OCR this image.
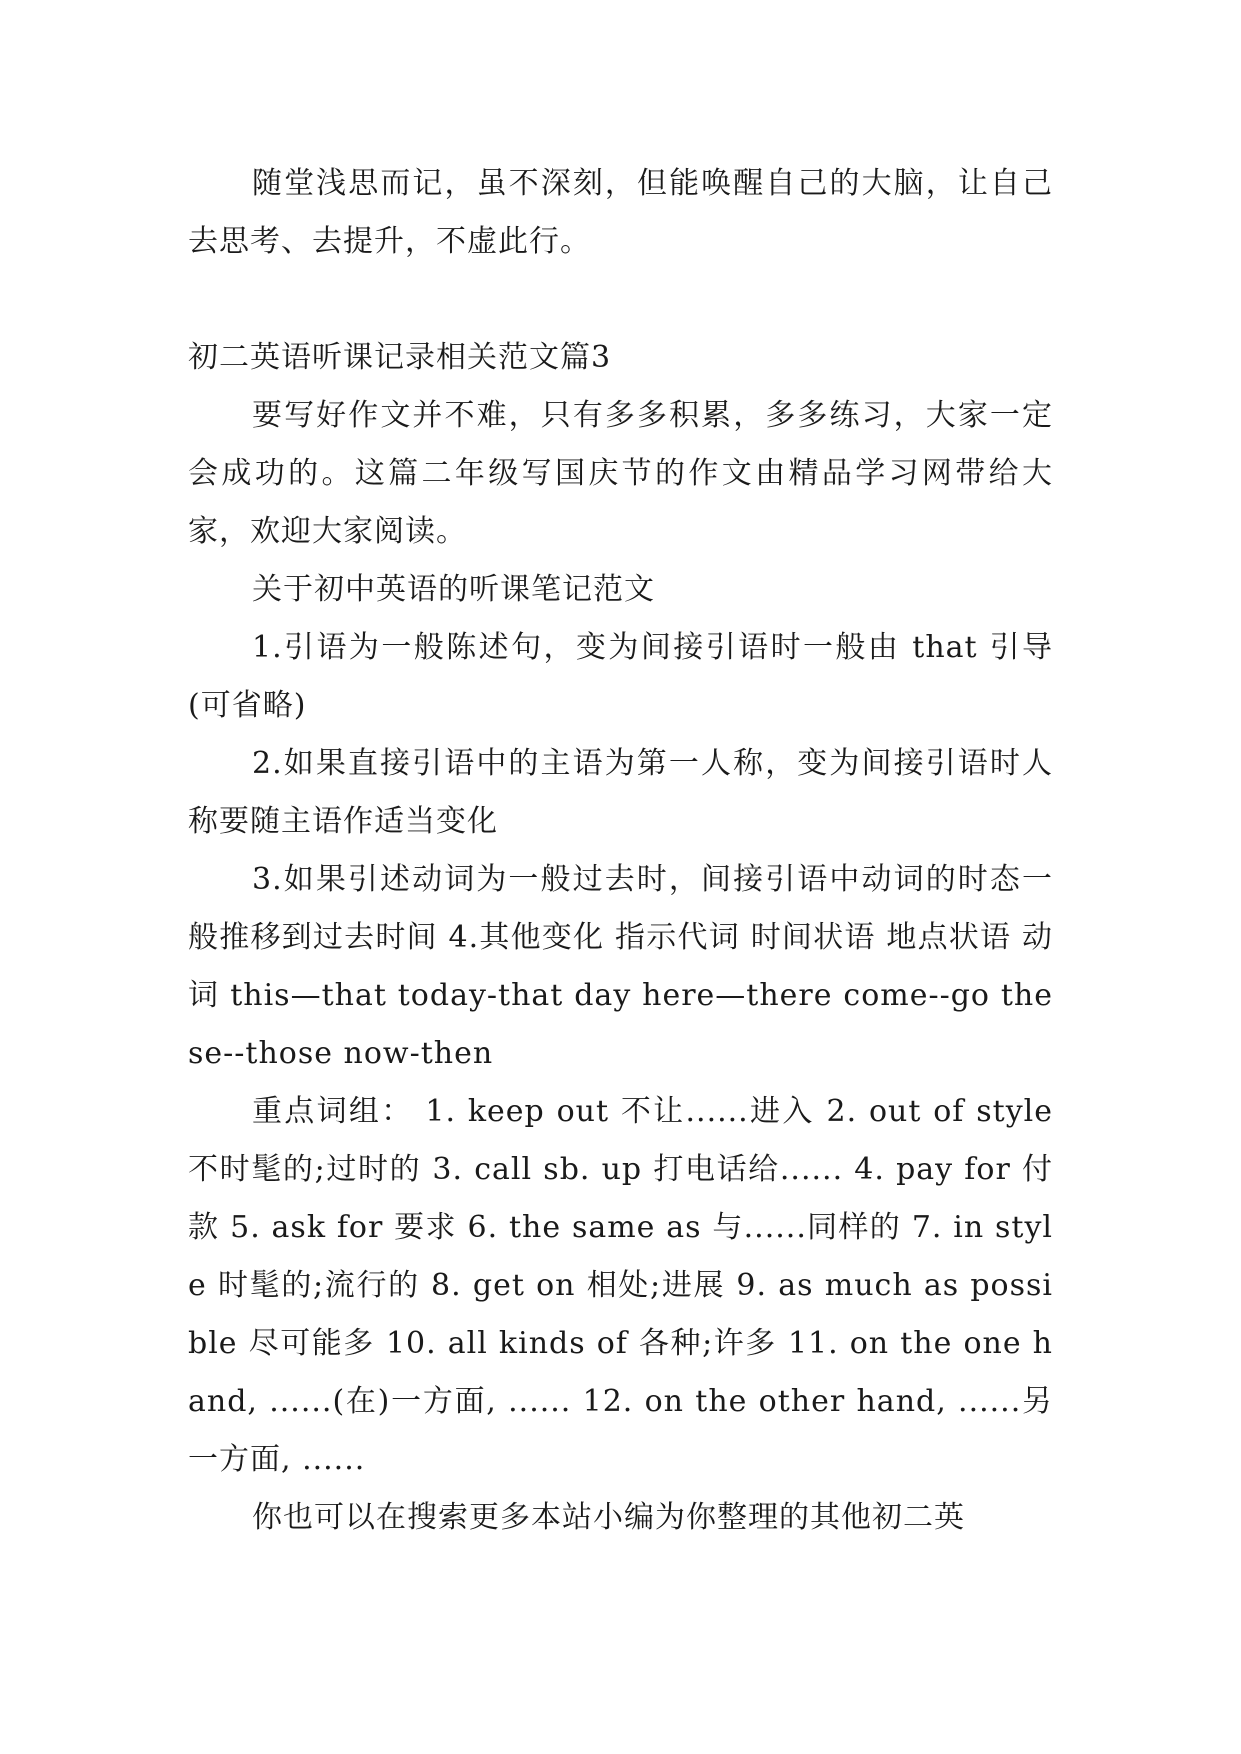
随堂浅思而记，虽不深刻，但能唤醒自己的大脑，让自己去思考、去提升，不虚此行。

初二英语听课记录相关范文篇3

要写好作文并不难，只有多多积累，多多练习，大家一定会成功的。这篇二年级写国庆节的作文由精品学习网带给大家，欢迎大家阅读。

关于初中英语的听课笔记范文

1.引语为一般陈述句，变为间接引语时一般由 that 引导(可省略)

2.如果直接引语中的主语为第一人称，变为间接引语时人称要随主语作适当变化

3.如果引述动词为一般过去时，间接引语中动词的时态一般推移到过去时间 4.其他变化 指示代词 时间状语 地点状语 动词 this—that today-that day here—there come--go these--those now-then

重点词组： 1. keep out 不让......进入 2. out of style 不时髦的;过时的 3. call sb. up 打电话给...... 4. pay for 付款 5. ask for 要求 6. the same as 与......同样的 7. in style 时髦的;流行的 8. get on 相处;进展 9. as much as possible 尽可能多 10. all kinds of 各种;许多 11. on the one hand, ......(在)一方面, ...... 12. on the other hand, ......另一方面, ......

你也可以在搜索更多本站小编为你整理的其他初二英
